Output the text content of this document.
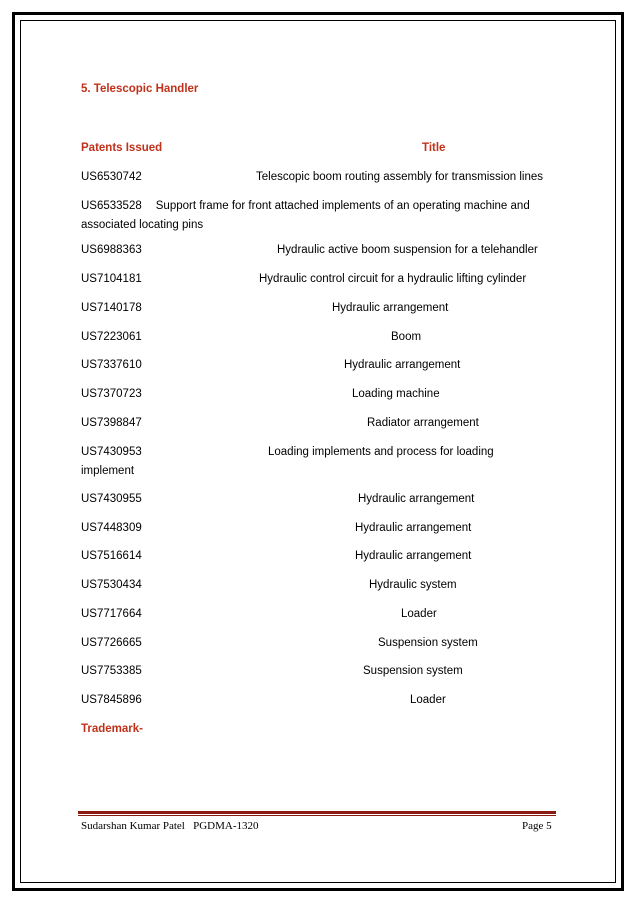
5. Telescopic Handler
Patents Issued	Title
US6530742	Telescopic boom routing assembly for transmission lines
US6533528 Support frame for front attached implements of an operating machine and associated locating pins
US6988363	Hydraulic active boom suspension for a telehandler
US7104181	Hydraulic control circuit for a hydraulic lifting cylinder
US7140178	Hydraulic arrangement
US7223061	Boom
US7337610	Hydraulic arrangement
US7370723	Loading machine
US7398847	Radiator arrangement
US7430953	Loading implements and process for loading
implement
US7430955	Hydraulic arrangement
US7448309	Hydraulic arrangement
US7516614	Hydraulic arrangement
US7530434	Hydraulic system
US7717664	Loader
US7726665	Suspension system
US7753385	Suspension system
US7845896	Loader
Trademark-
Sudarshan Kumar Patel   PGDMA-1320	Page 5
